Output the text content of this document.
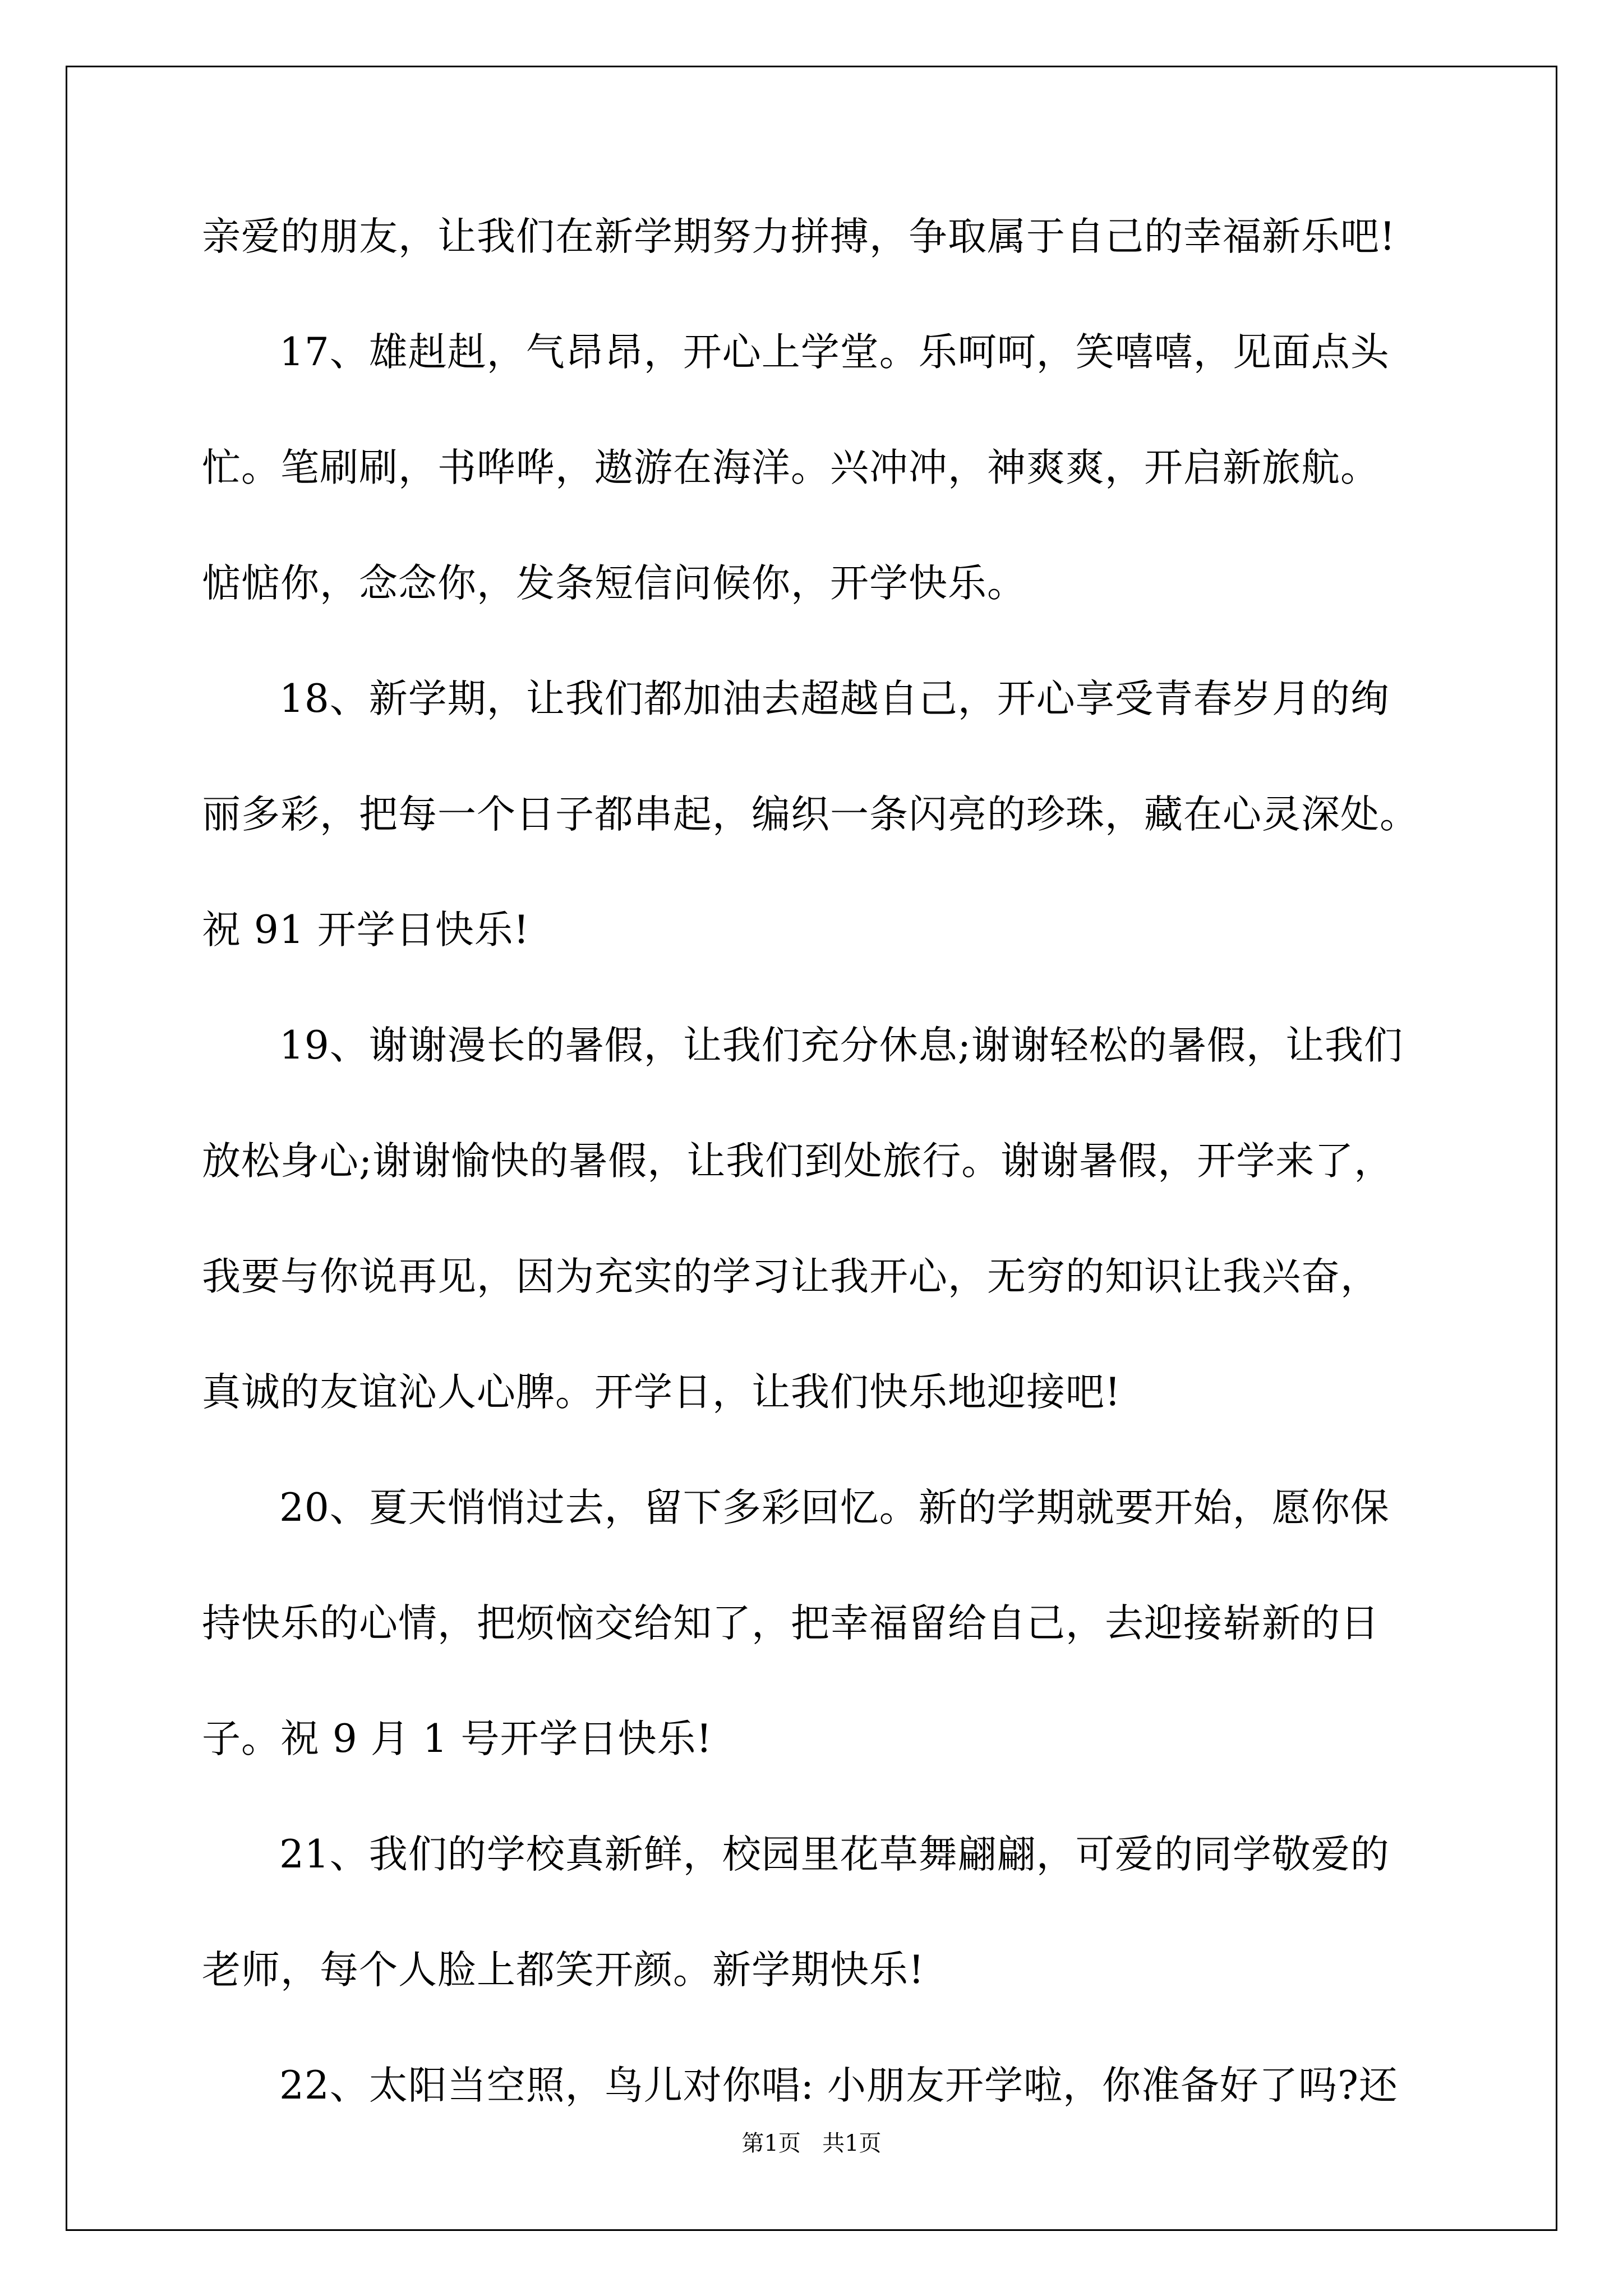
亲爱的朋友，让我们在新学期努力拼搏，争取属于自己的幸福新乐吧!

17、雄赳赳，气昂昂，开心上学堂。乐呵呵，笑嘻嘻，见面点头

忙。笔刷刷，书哗哗，遨游在海洋。兴冲冲，神爽爽，开启新旅航。

惦惦你，念念你，发条短信问候你，开学快乐。

18、新学期，让我们都加油去超越自己，开心享受青春岁月的绚

丽多彩，把每一个日子都串起，编织一条闪亮的珍珠，藏在心灵深处。

祝 91 开学日快乐!

19、谢谢漫长的暑假，让我们充分休息;谢谢轻松的暑假，让我们

放松身心;谢谢愉快的暑假，让我们到处旅行。谢谢暑假，开学来了，

我要与你说再见，因为充实的学习让我开心，无穷的知识让我兴奋，

真诚的友谊沁人心脾。开学日，让我们快乐地迎接吧!

20、夏天悄悄过去，留下多彩回忆。新的学期就要开始，愿你保

持快乐的心情，把烦恼交给知了，把幸福留给自己，去迎接崭新的日

子。祝 9 月 1 号开学日快乐!

21、我们的学校真新鲜，校园里花草舞翩翩，可爱的同学敬爱的

老师，每个人脸上都笑开颜。新学期快乐!

22、太阳当空照，鸟儿对你唱: 小朋友开学啦，你准备好了吗?还

第1页 共1页
